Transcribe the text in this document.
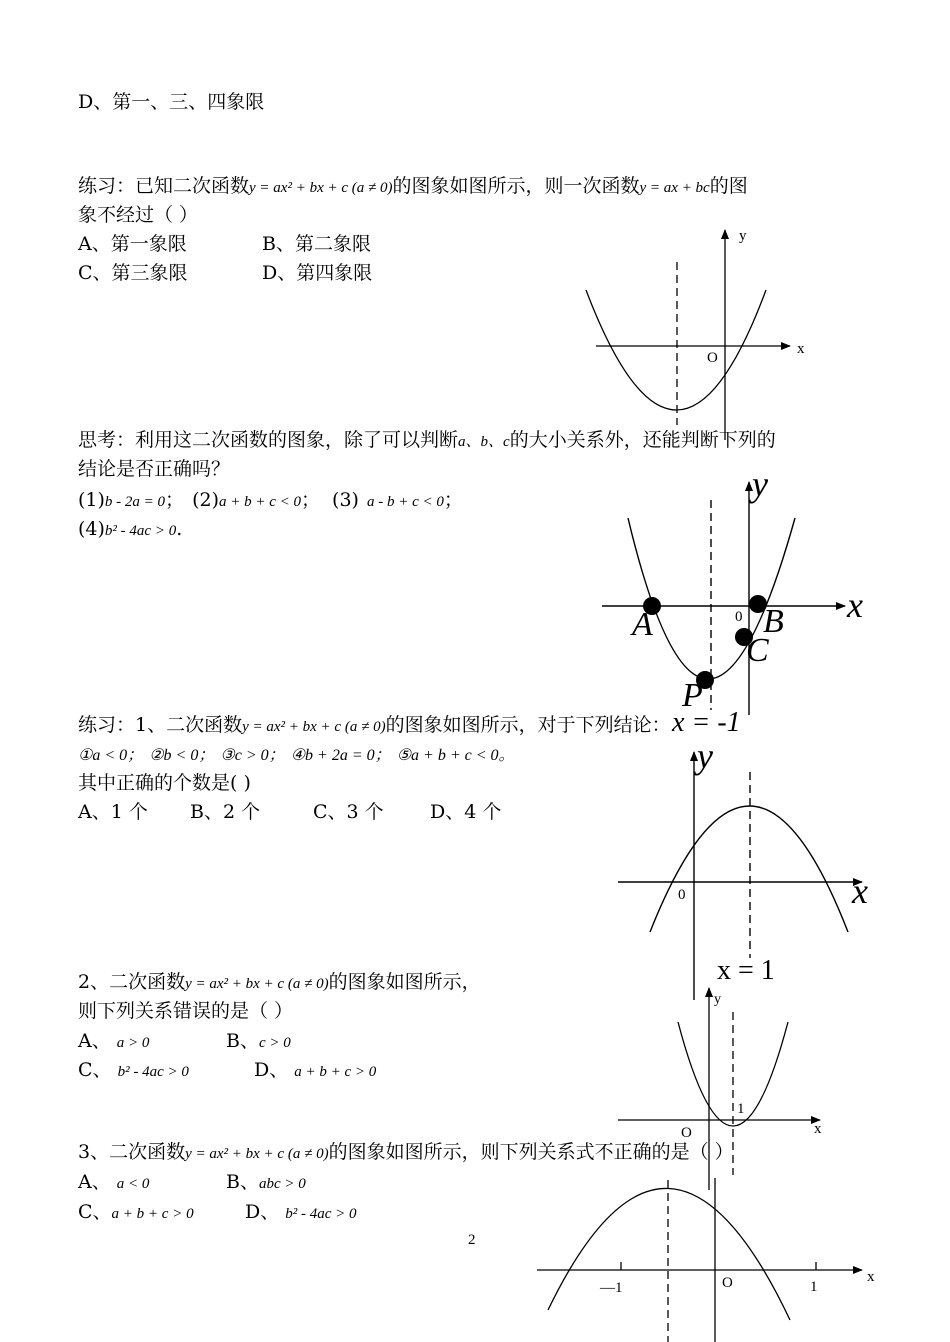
D、第一、三、四象限
练习：已知二次函数y = ax² + bx + c (a ≠ 0)的图象如图所示，则一次函数y = ax + bc的图
象不经过（ ）
A、第一象限	B、第二象限
C、第三象限	D、第四象限
思考：利用这二次函数的图象，除了可以判断a、b、c的大小关系外，还能判断下列的
结论是否正确吗？
(1)b - 2a = 0； (2)a + b + c < 0； (3) a - b + c < 0；
(4)b² - 4ac > 0.
练习：1、二次函数y = ax² + bx + c (a ≠ 0)的图象如图所示，对于下列结论：
①a < 0； ②b < 0； ③c > 0； ④b + 2a = 0； ⑤a + b + c < 0。
其中正确的个数是( )
A、1 个 B、2 个	C、3 个 D、4 个
2、二次函数y = ax² + bx + c (a ≠ 0)的图象如图所示，
则下列关系错误的是（ ）
A、 a > 0	B、c > 0
C、 b² - 4ac > 0	D、 a + b + c > 0
3、二次函数y = ax² + bx + c (a ≠ 0)的图象如图所示，则下列关系式不正确的是（ ）
A、 a < 0	B、abc > 0
C、a + b + c > 0	D、 b² - 4ac > 0
2
y
x
O
y
x
0
A	B
C
P
x = -1
y
x
0
x = 1
y
x
O
1
x
O
—1	1
